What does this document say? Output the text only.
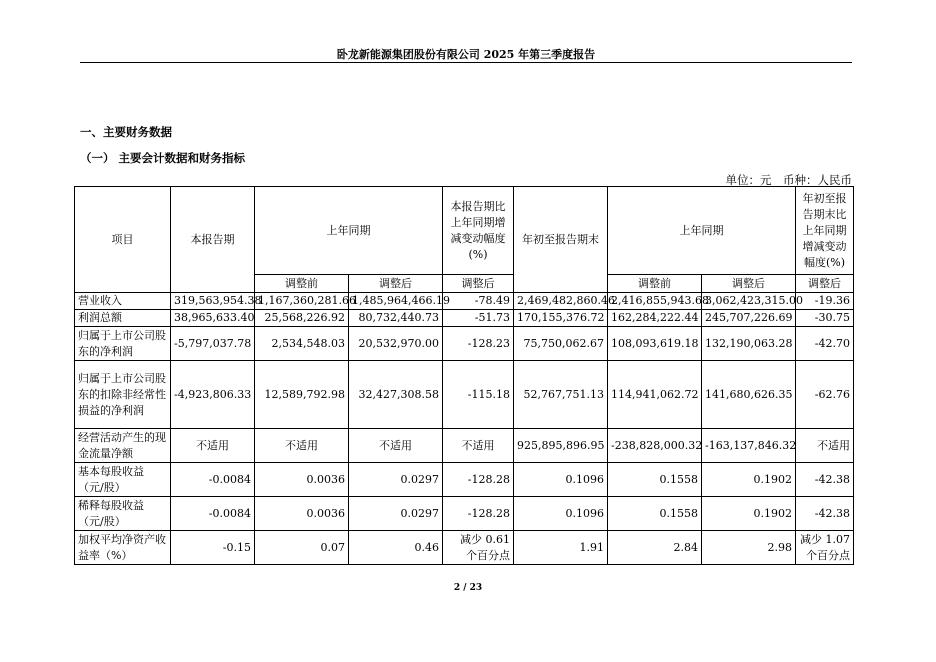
卧龙新能源集团股份有限公司 2025 年第三季度报告
一、主要财务数据
（一） 主要会计数据和财务指标
单位：元　币种：人民币
项目	本报告期	上年同期		本报告期比上年同期增减变动幅度(%)	年初至报告期末	上年同期		年初至报告期末比上年同期增减变动幅度(%)
		调整前	调整后	调整后		调整前	调整后	调整后
营业收入	319,563,954.38	1,167,360,281.66	1,485,964,466.19	-78.49	2,469,482,860.46	2,416,855,943.68	3,062,423,315.00	-19.36
利润总额	38,965,633.40	25,568,226.92	80,732,440.73	-51.73	170,155,376.72	162,284,222.44	245,707,226.69	-30.75
归属于上市公司股东的净利润	-5,797,037.78	2,534,548.03	20,532,970.00	-128.23	75,750,062.67	108,093,619.18	132,190,063.28	-42.70
归属于上市公司股东的扣除非经常性损益的净利润	-4,923,806.33	12,589,792.98	32,427,308.58	-115.18	52,767,751.13	114,941,062.72	141,680,626.35	-62.76
经营活动产生的现金流量净额	不适用	不适用	不适用	不适用	925,895,896.95	-238,828,000.32	-163,137,846.32	不适用
基本每股收益（元/股）	-0.0084	0.0036	0.0297	-128.28	0.1096	0.1558	0.1902	-42.38
稀释每股收益（元/股）	-0.0084	0.0036	0.0297	-128.28	0.1096	0.1558	0.1902	-42.38
加权平均净资产收益率（%）	-0.15	0.07	0.46	减少 0.61 个百分点	1.91	2.84	2.98	减少 1.07 个百分点
2 / 23
